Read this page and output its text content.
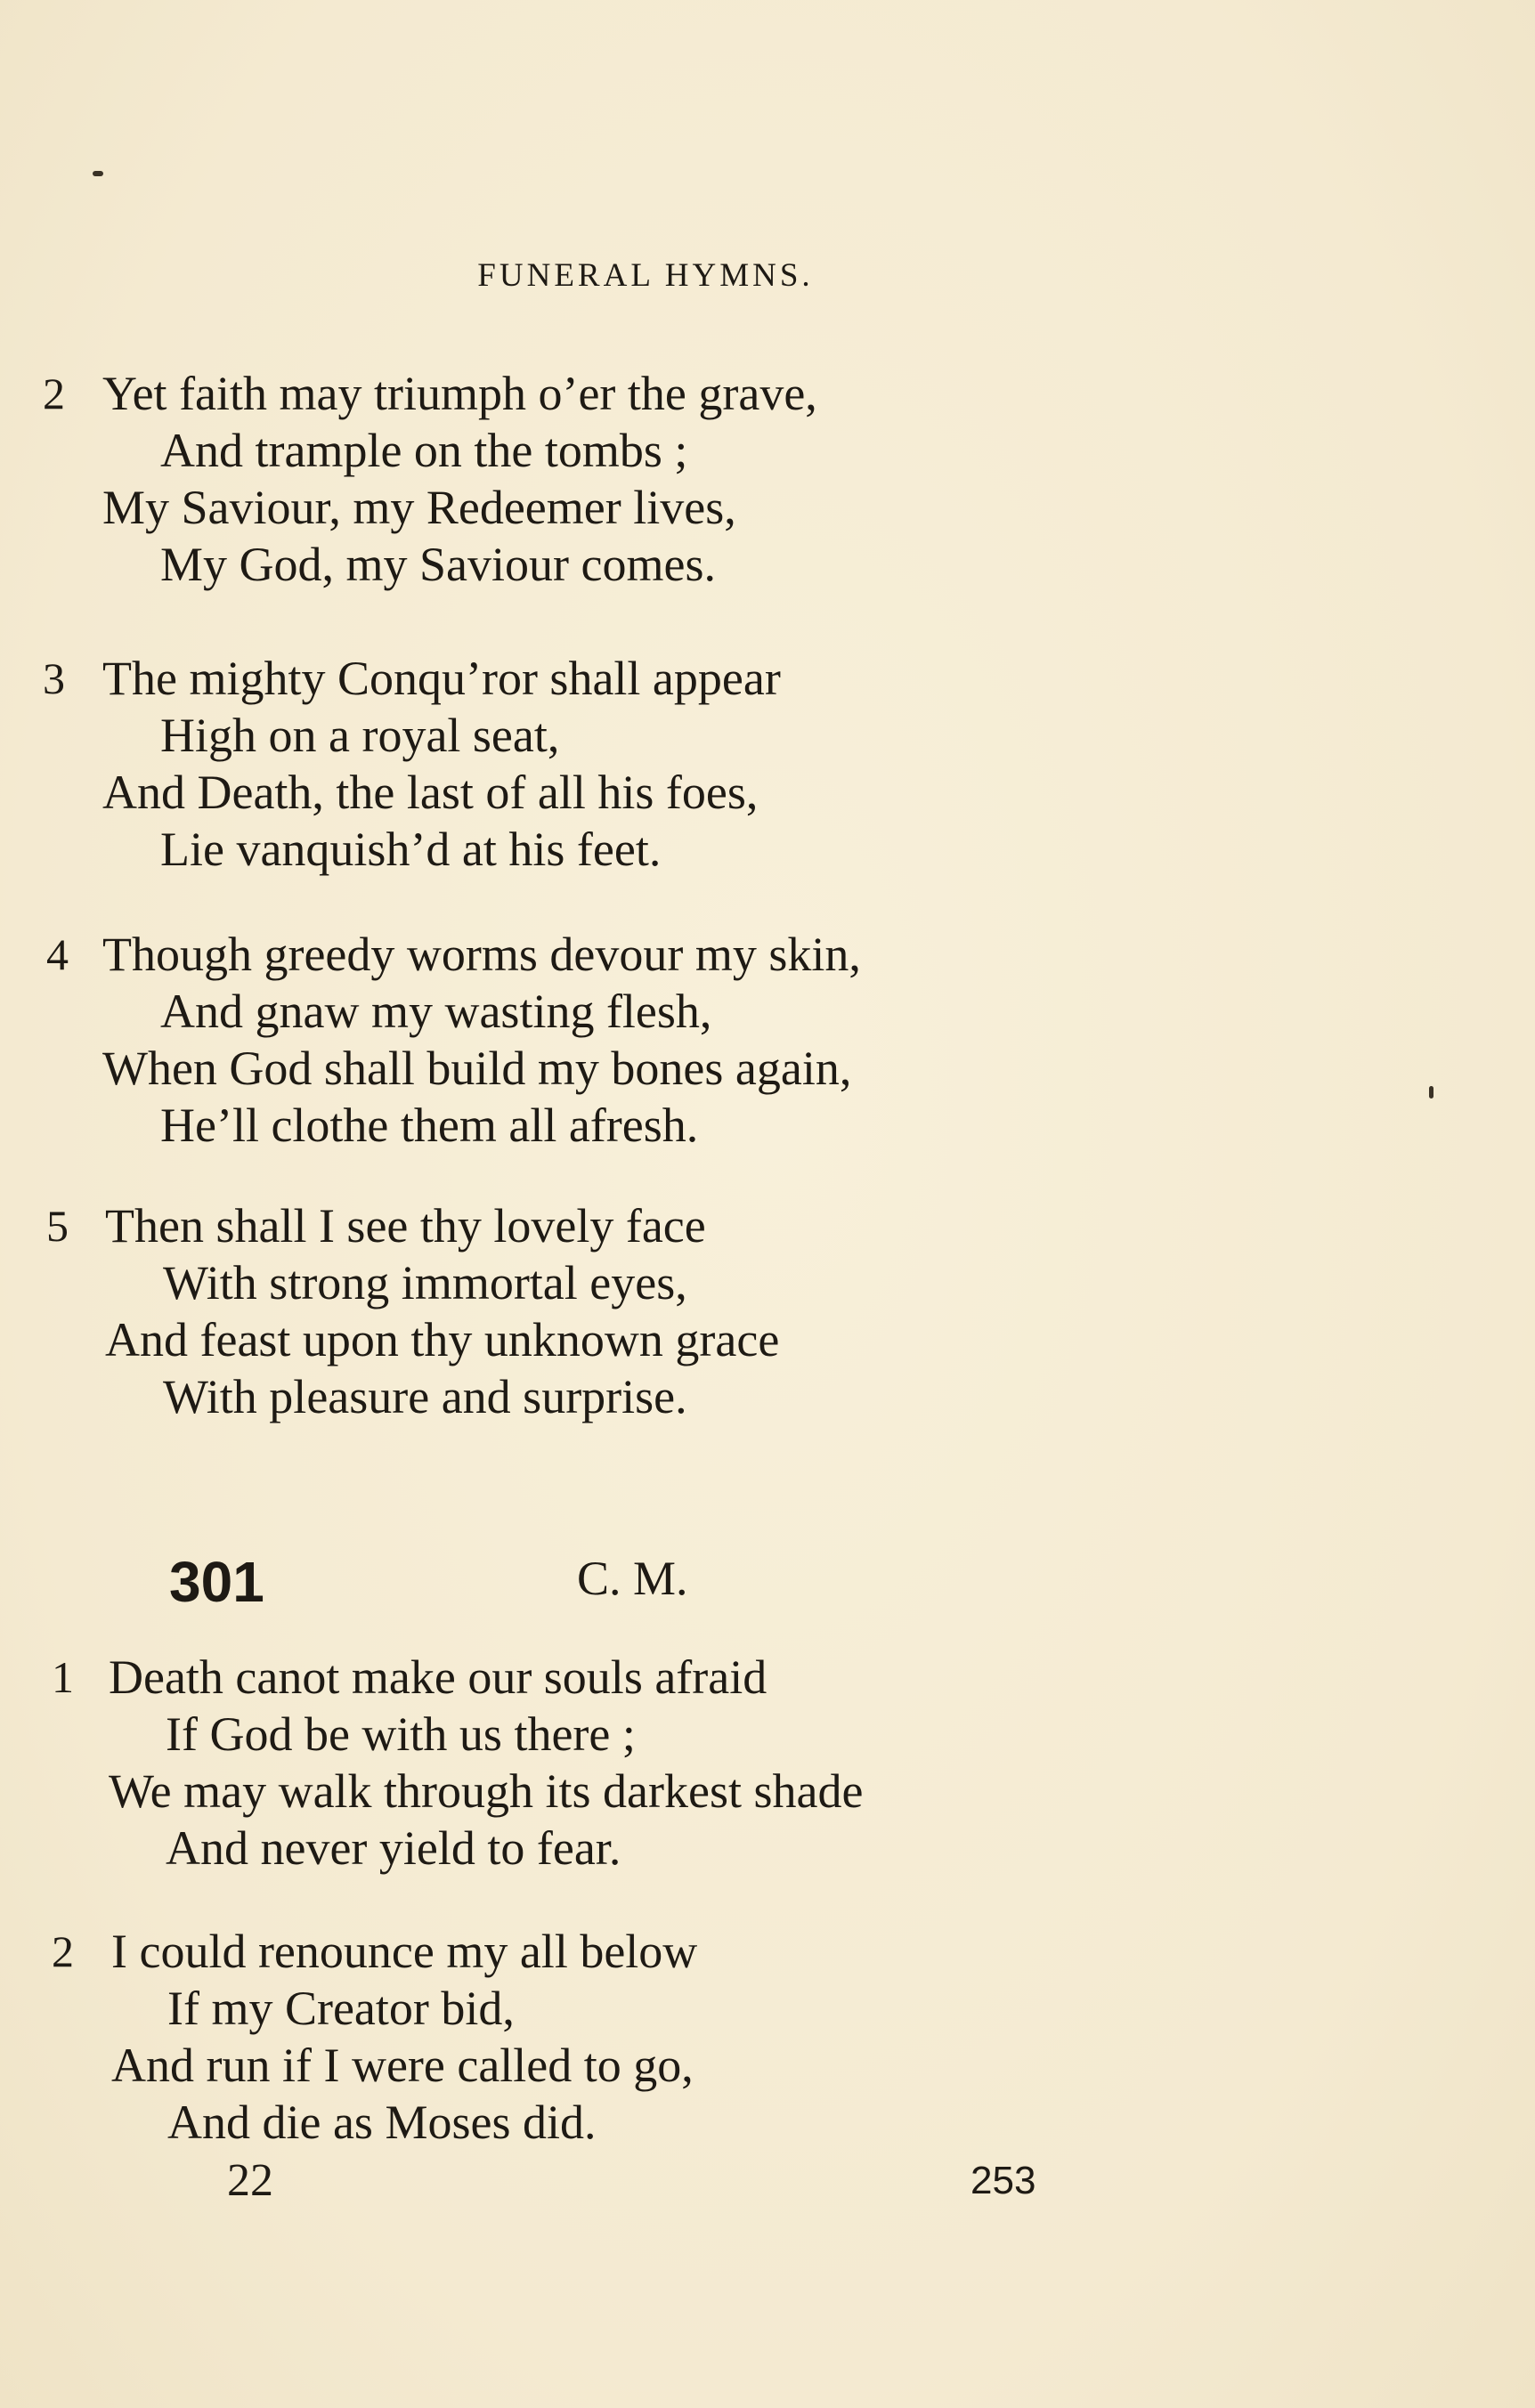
FUNERAL HYMNS.
2 Yet faith may triumph o’er the grave,
And trample on the tombs ;
My Saviour, my Redeemer lives,
My God, my Saviour comes.
3 The mighty Conqu’ror shall appear
High on a royal seat,
And Death, the last of all his foes,
Lie vanquish’d at his feet.
4 Though greedy worms devour my skin,
And gnaw my wasting flesh,
When God shall build my bones again,
He’ll clothe them all afresh.
5 Then shall I see thy lovely face
With strong immortal eyes,
And feast upon thy unknown grace
With pleasure and surprise.
301	C. M.
1 Death canot make our souls afraid
If God be with us there ;
We may walk through its darkest shade
And never yield to fear.
2 I could renounce my all below
If my Creator bid,
And run if I were called to go,
And die as Moses did.
22	253
